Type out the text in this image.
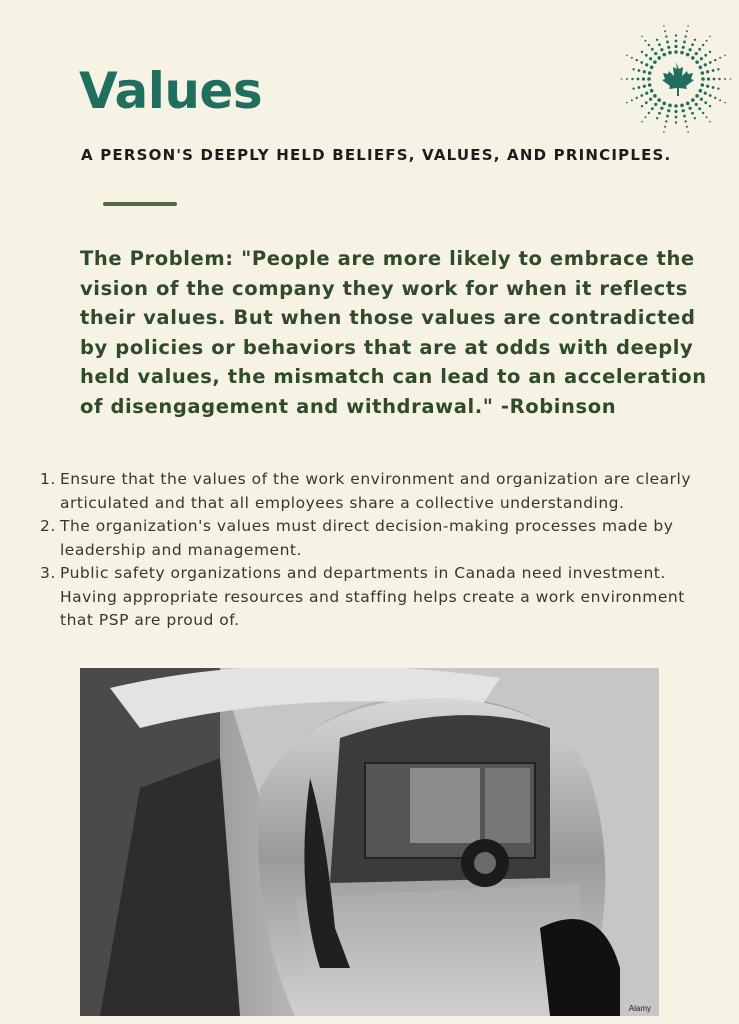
Values

A PERSON'S DEEPLY HELD BELIEFS, VALUES, AND PRINCIPLES.

The Problem: "People are more likely to embrace the vision of the company they work for when it reflects their values. But when those values are contradicted by policies or behaviors that are at odds with deeply held values, the mismatch can lead to an acceleration of disengagement and withdrawal." -Robinson

1. Ensure that the values of the work environment and organization are clearly articulated and that all employees share a collective understanding.
2. The organization's values must direct decision-making processes made by leadership and management.
3. Public safety organizations and departments in Canada need investment. Having appropriate resources and staffing helps create a work environment that PSP are proud of.
Alamy
